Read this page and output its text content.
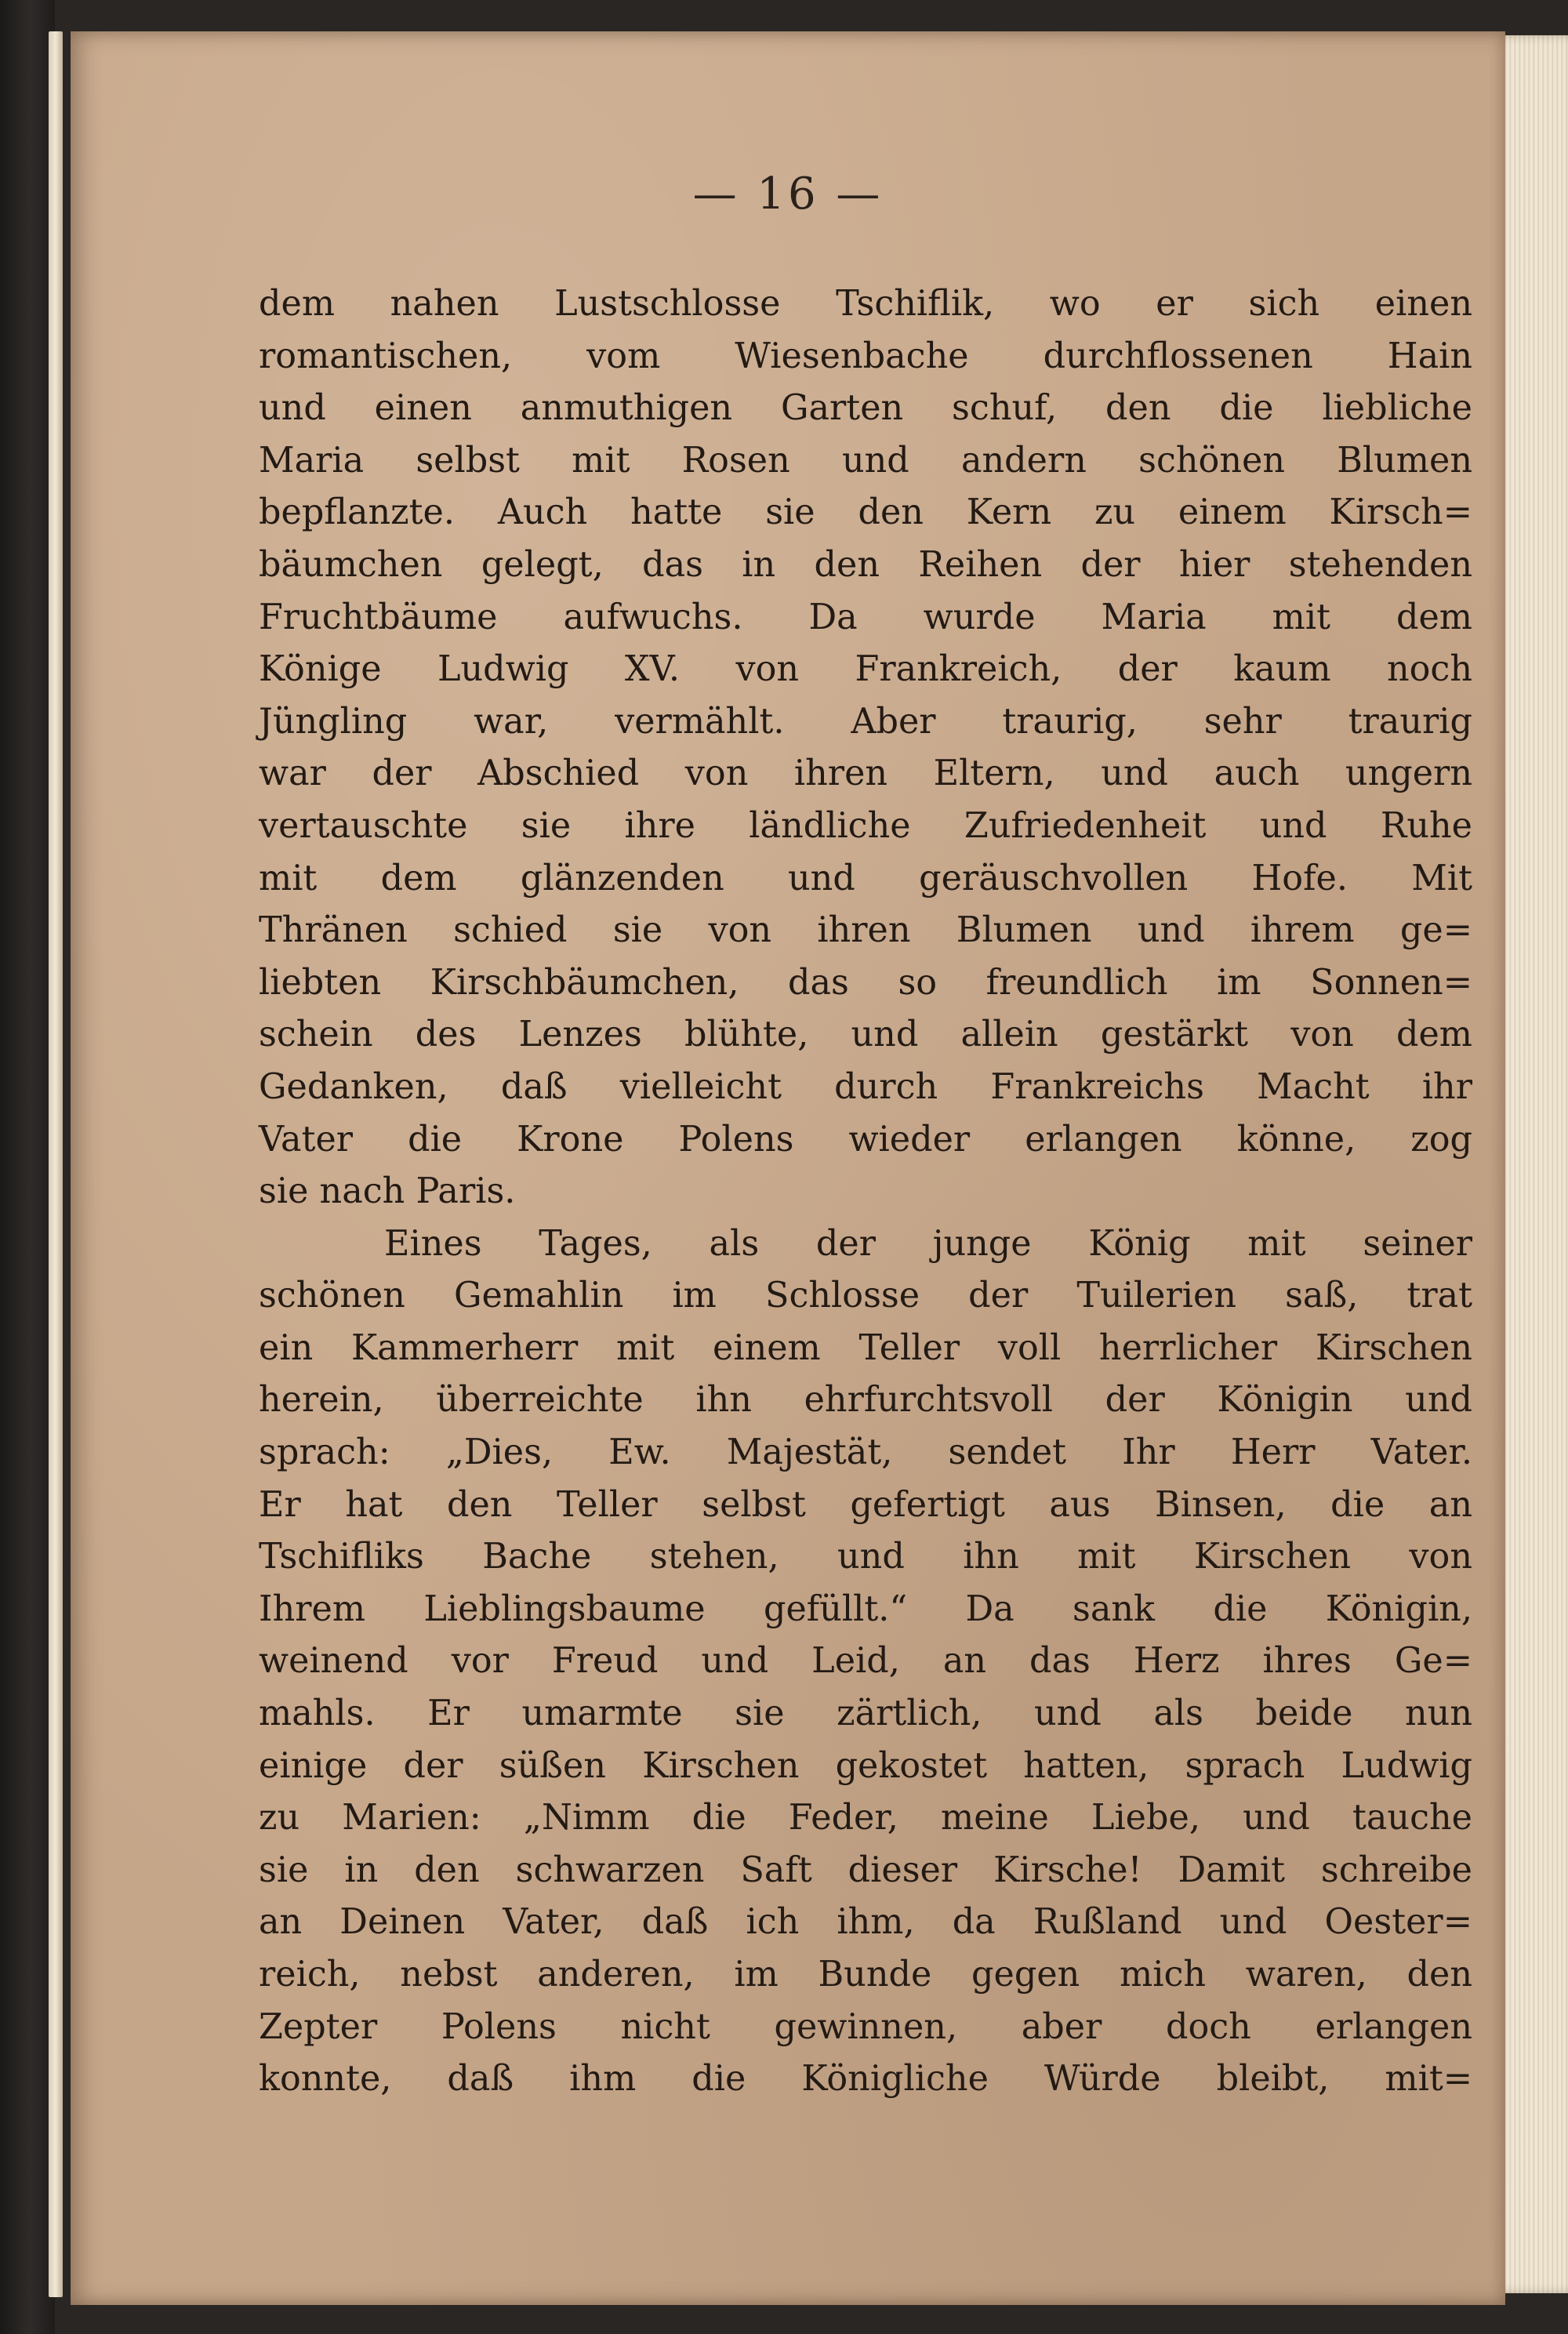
— 16 —
dem nahen Lustschlosse Tschiflik, wo er sich einen
romantischen, vom Wiesenbache durchflossenen Hain
und einen anmuthigen Garten schuf, den die liebliche
Maria selbst mit Rosen und andern schönen Blumen
bepflanzte. Auch hatte sie den Kern zu einem Kirsch=
bäumchen gelegt, das in den Reihen der hier stehenden
Fruchtbäume aufwuchs. Da wurde Maria mit dem
Könige Ludwig XV. von Frankreich, der kaum noch
Jüngling war, vermählt. Aber traurig, sehr traurig
war der Abschied von ihren Eltern, und auch ungern
vertauschte sie ihre ländliche Zufriedenheit und Ruhe
mit dem glänzenden und geräuschvollen Hofe. Mit
Thränen schied sie von ihren Blumen und ihrem ge=
liebten Kirschbäumchen, das so freundlich im Sonnen=
schein des Lenzes blühte, und allein gestärkt von dem
Gedanken, daß vielleicht durch Frankreichs Macht ihr
Vater die Krone Polens wieder erlangen könne, zog
sie nach Paris.
Eines Tages, als der junge König mit seiner
schönen Gemahlin im Schlosse der Tuilerien saß, trat
ein Kammerherr mit einem Teller voll herrlicher Kirschen
herein, überreichte ihn ehrfurchtsvoll der Königin und
sprach: „Dies, Ew. Majestät, sendet Ihr Herr Vater.
Er hat den Teller selbst gefertigt aus Binsen, die an
Tschifliks Bache stehen, und ihn mit Kirschen von
Ihrem Lieblingsbaume gefüllt.“ Da sank die Königin,
weinend vor Freud und Leid, an das Herz ihres Ge=
mahls. Er umarmte sie zärtlich, und als beide nun
einige der süßen Kirschen gekostet hatten, sprach Ludwig
zu Marien: „Nimm die Feder, meine Liebe, und tauche
sie in den schwarzen Saft dieser Kirsche! Damit schreibe
an Deinen Vater, daß ich ihm, da Rußland und Oester=
reich, nebst anderen, im Bunde gegen mich waren, den
Zepter Polens nicht gewinnen, aber doch erlangen
konnte, daß ihm die Königliche Würde bleibt, mit=
